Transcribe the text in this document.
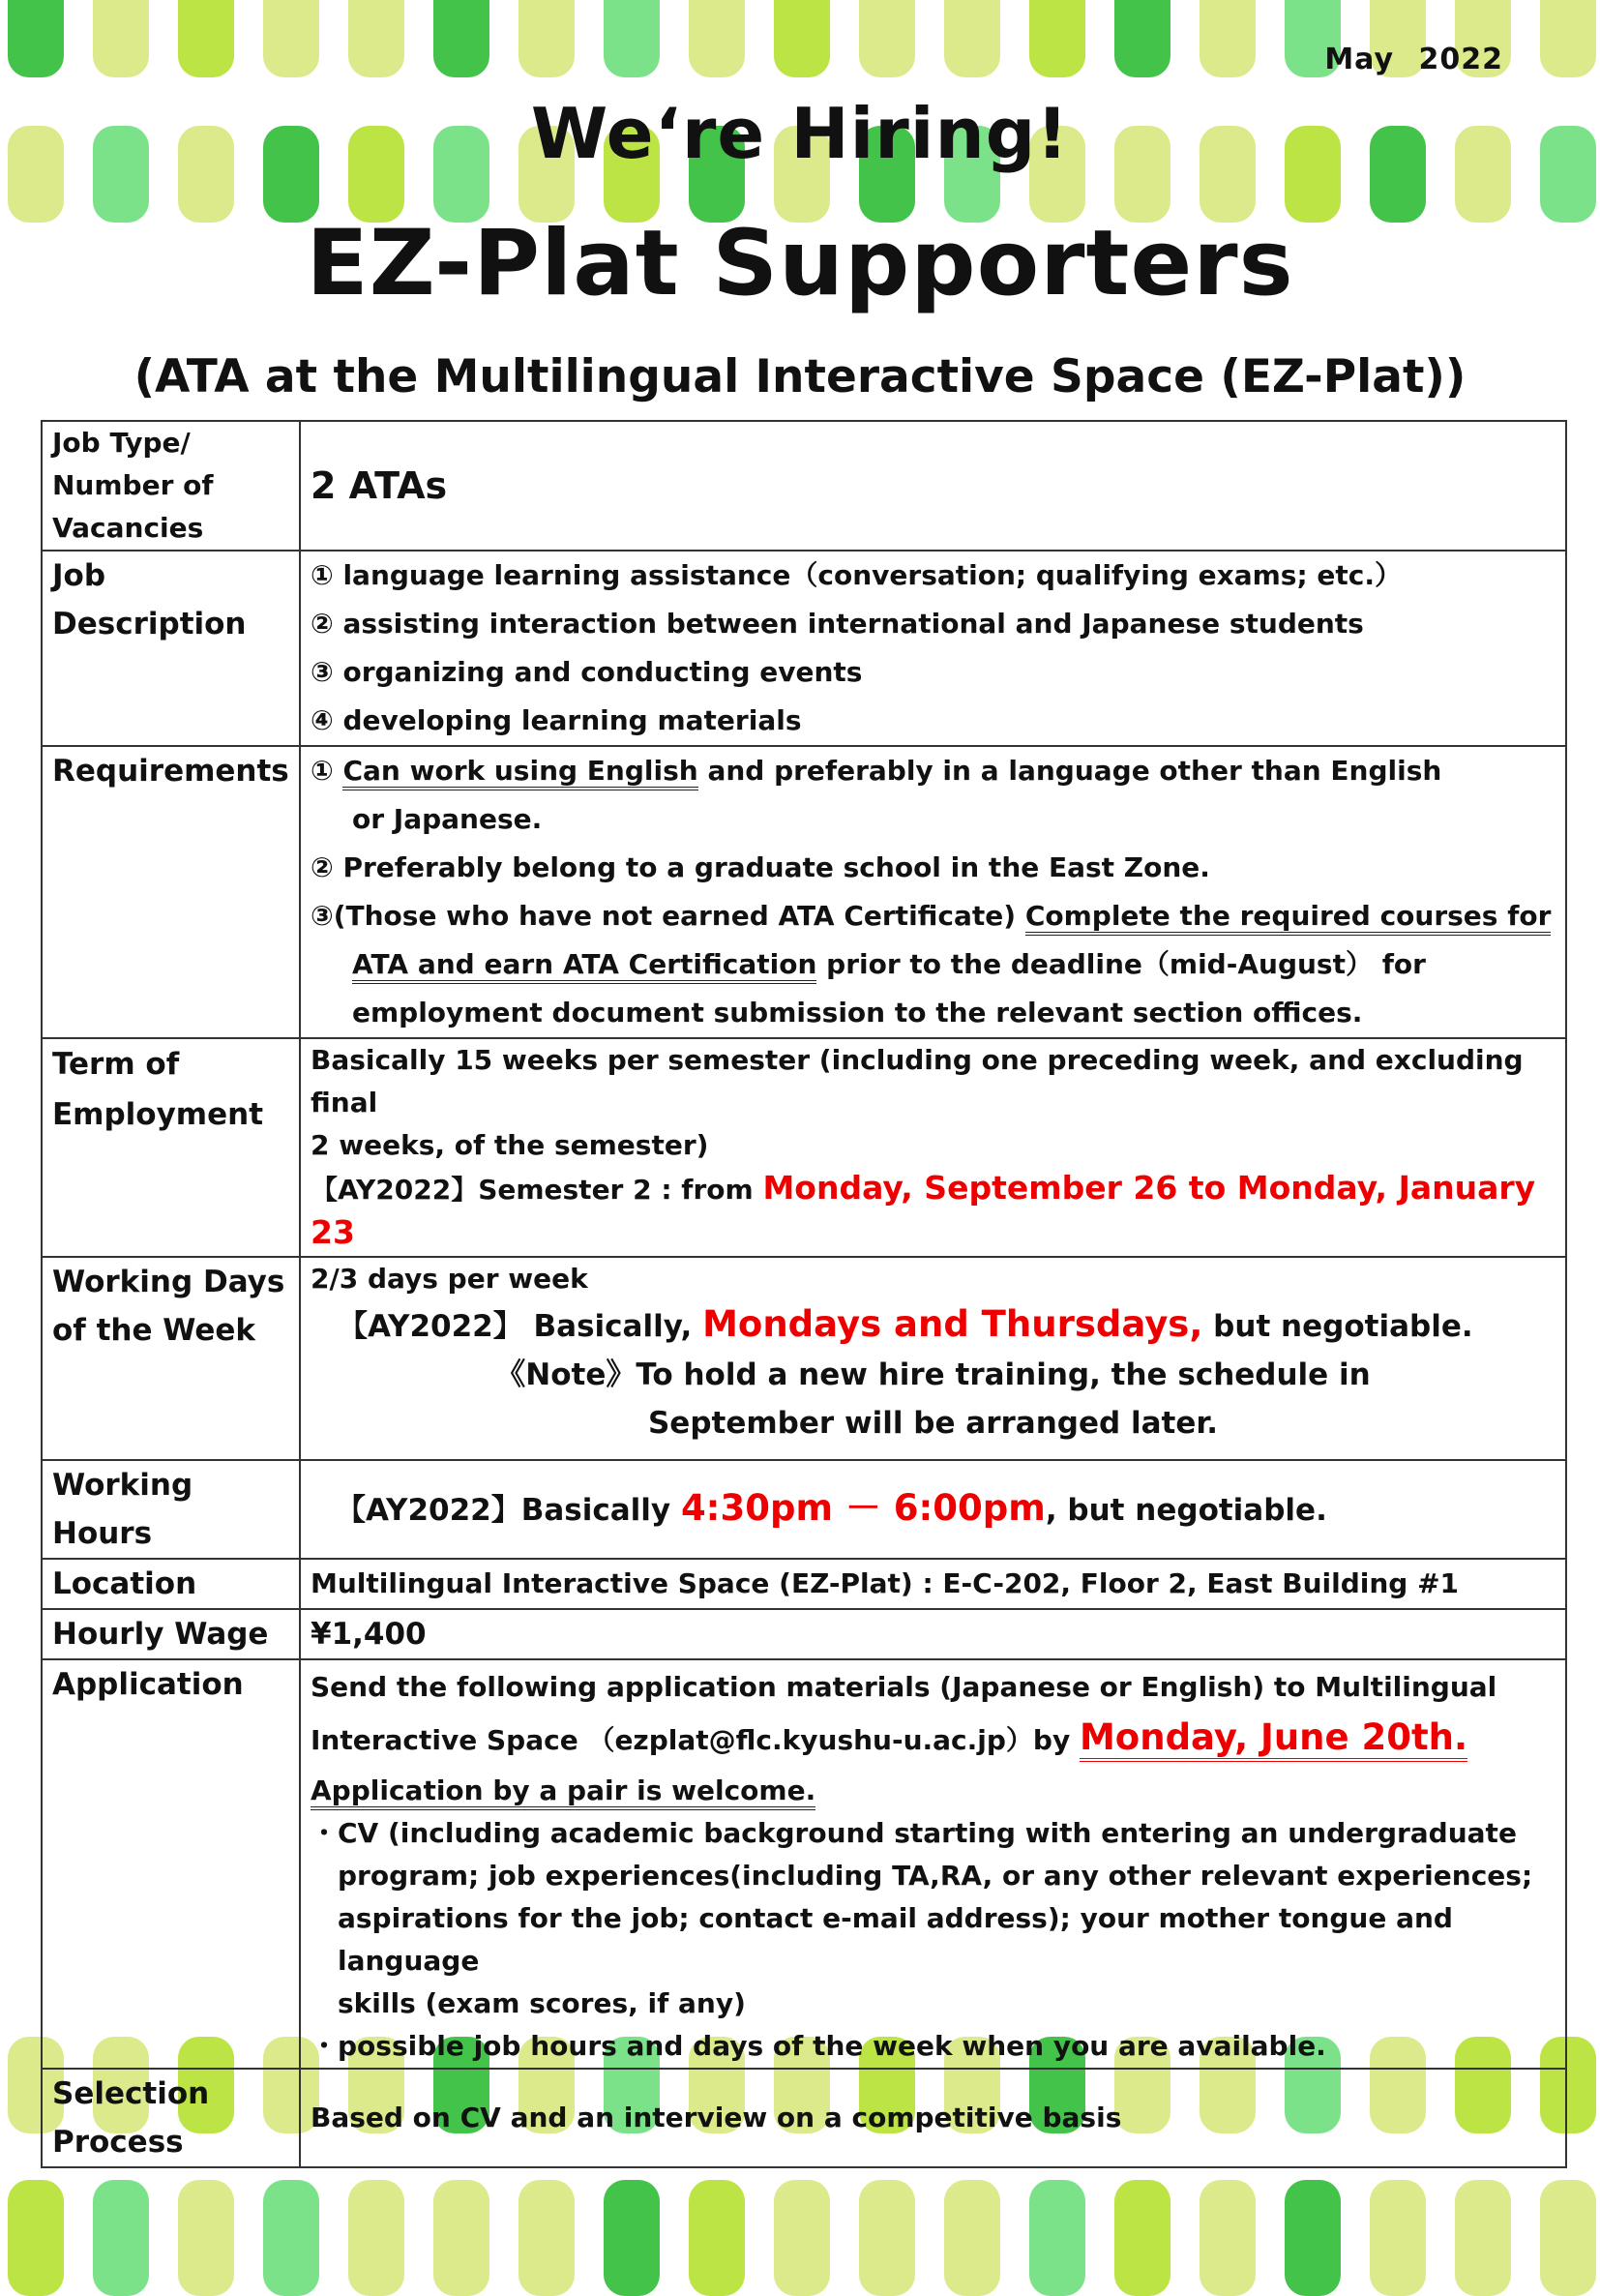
May 2022
We‘re Hiring!
EZ-Plat Supporters
(ATA at the Multilingual Interactive Space (EZ-Plat))
Job Type/ Number of Vacancies	2 ATAs
Job Description	① language learning assistance（conversation; qualifying exams; etc.）
② assisting interaction between international and Japanese students
③ organizing and conducting events
④ developing learning materials

Requirements	① Can work using English and preferably in a language other than English
or Japanese.
② Preferably belong to a graduate school in the East Zone.
③(Those who have not earned ATA Certificate) Complete the required courses for
ATA and earn ATA Certification prior to the deadline（mid-August） for
employment document submission to the relevant section offices.

Term of Employment	Basically 15 weeks per semester (including one preceding week, and excluding final
2 weeks, of the semester)
【AY2022】Semester 2 : from Monday, September 26 to Monday, January 23

Working Days of the Week	2/3 days per week
【AY2022】 Basically, Mondays and Thursdays, but negotiable.
《Note》To hold a new hire training, the schedule in
September will be arranged later.

Working Hours	【AY2022】Basically 4:30pm － 6:00pm, but negotiable.
Location	Multilingual Interactive Space (EZ-Plat) : E-C-202, Floor 2, East Building #1
Hourly Wage	¥1,400
Application	Send the following application materials (Japanese or English) to Multilingual
Interactive Space （ezplat@flc.kyushu-u.ac.jp）by Monday, June 20th.
Application by a pair is welcome.
・CV (including academic background starting with entering an undergraduate
program; job experiences(including TA,RA, or any other relevant experiences;
aspirations for the job; contact e-mail address); your mother tongue and language
skills (exam scores, if any)
・possible job hours and days of the week when you are available.

Selection Process	Based on CV and an interview on a competitive basis
